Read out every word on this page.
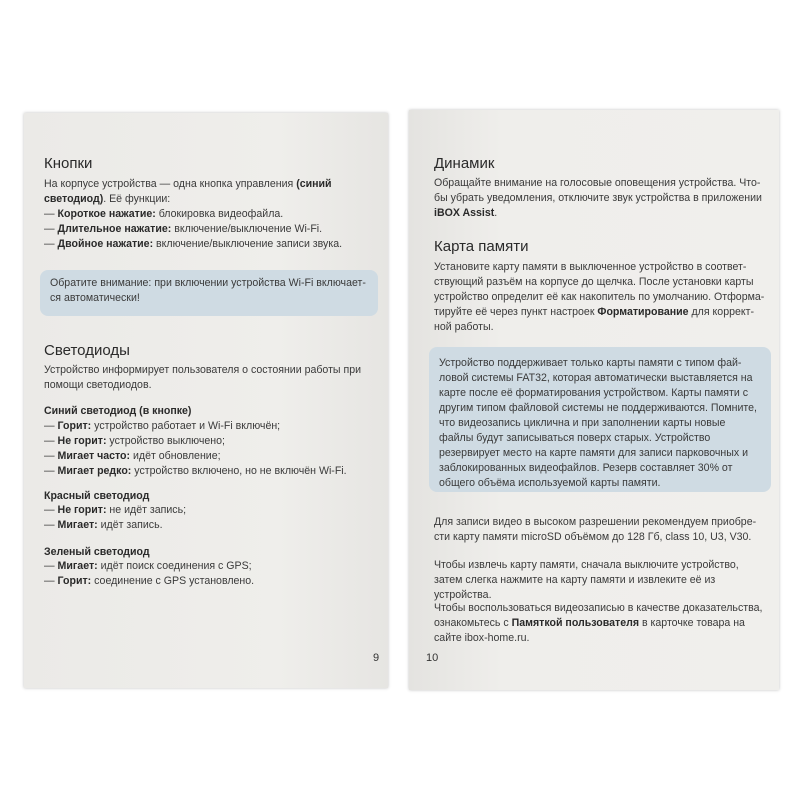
Кнопки

На корпусе устройства — одна кнопка управления (синий светодиод). Её функции:

— Короткое нажатие: блокировка видеофайла.
— Длительное нажатие: включение/выключение Wi-Fi.
— Двойное нажатие: включение/выключение записи звука.
Обратите внимание: при включении устройства Wi-Fi включает-ся автоматически!
Светодиоды

Устройство информирует пользователя о состоянии работы при помощи светодиодов.

Синий светодиод (в кнопке)
— Горит: устройство работает и Wi-Fi включён;
— Не горит: устройство выключено;
— Мигает часто: идёт обновление;
— Мигает редко: устройство включено, но не включён Wi-Fi.
Красный светодиод
— Не горит: не идёт запись;
— Мигает: идёт запись.
Зеленый светодиод
— Мигает: идёт поиск соединения с GPS;
— Горит: соединение с GPS установлено.
9
Динамик

Обращайте внимание на голосовые оповещения устройства. Что-бы убрать уведомления, отключите звук устройства в приложении iBOX Assist.

Карта памяти

Установите карту памяти в выключенное устройство в соответ-ствующий разъём на корпусе до щелчка. После установки карты устройство определит её как накопитель по умолчанию. Отформа-тируйте её через пункт настроек Форматирование для коррект-ной работы.

Устройство поддерживает только карты памяти с типом фай-ловой системы FAT32, которая автоматически выставляется на карте после её форматирования устройством. Карты памяти с другим типом файловой системы не поддерживаются. Помните, что видеозапись циклична и при заполнении карты новые файлы будут записываться поверх старых. Устройство резервирует место на карте памяти для записи парковочных и заблокированных видеофайлов. Резерв составляет 30% от общего объёма используемой карты памяти.

Для записи видео в высоком разрешении рекомендуем приобре-сти карту памяти microSD объёмом до 128 Гб, class 10, U3, V30.

Чтобы извлечь карту памяти, сначала выключите устройство, затем слегка нажмите на карту памяти и извлеките её из устройства.

Чтобы воспользоваться видеозаписью в качестве доказательства, ознакомьтесь с Памяткой пользователя в карточке товара на сайте ibox-home.ru.

10
